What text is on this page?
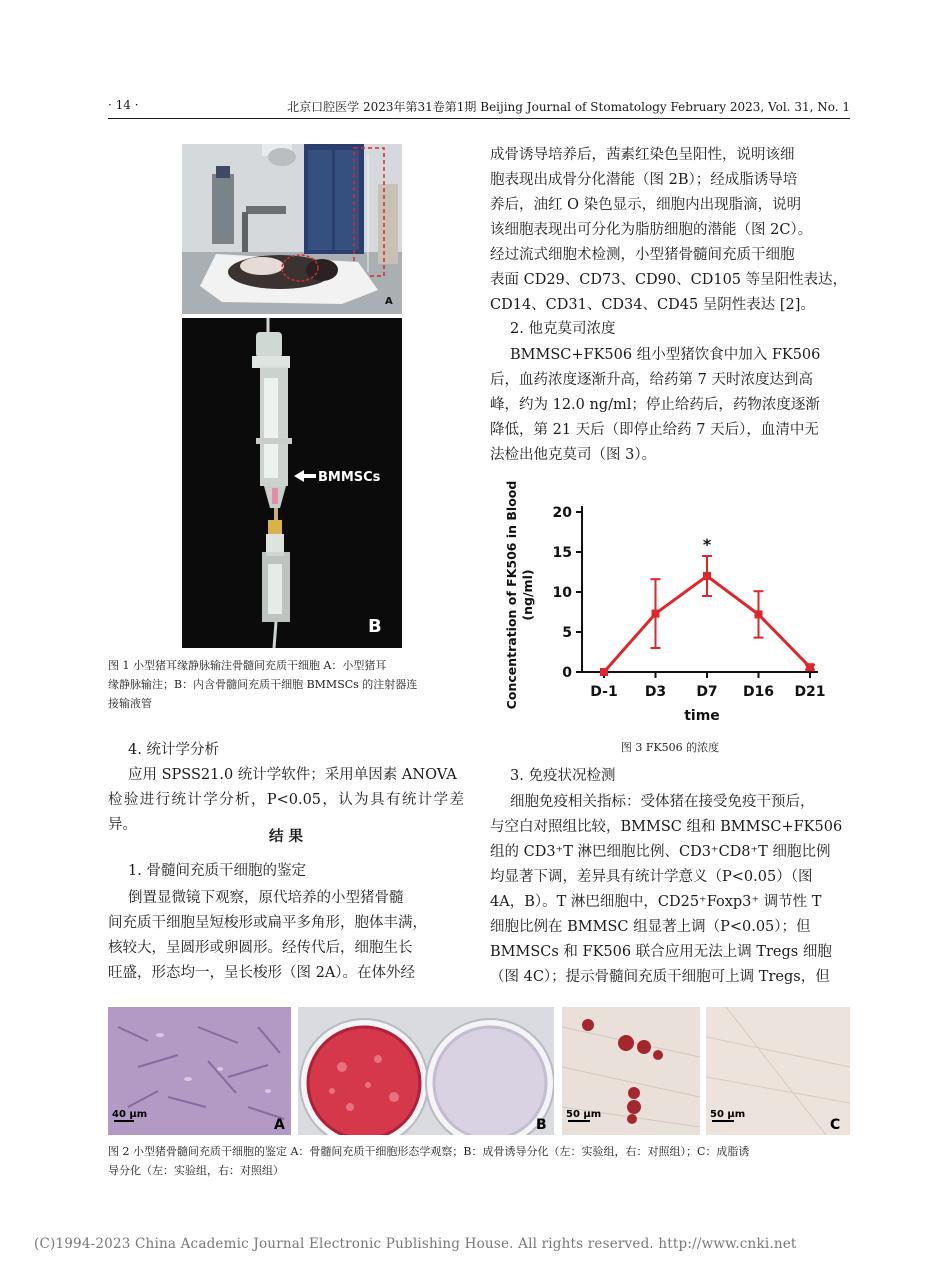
· 14 ·	北京口腔医学 2023年第31卷第1期 Beijing Journal of Stomatology February 2023, Vol. 31, No. 1
A
BMMSCs
B
图 1 小型猪耳缘静脉输注骨髓间充质干细胞 A：小型猪耳
缘静脉输注；B：内含骨髓间充质干细胞 BMMSCs 的注射器连
接输液管
4. 统计学分析
应用 SPSS21.0 统计学软件；采用单因素 ANOVA
检验进行统计学分析，P<0.05，认为具有统计学差异。
结 果
1. 骨髓间充质干细胞的鉴定
倒置显微镜下观察，原代培养的小型猪骨髓
间充质干细胞呈短梭形或扁平多角形，胞体丰满，
核较大，呈圆形或卵圆形。经传代后，细胞生长
旺盛，形态均一，呈长梭形（图 2A）。在体外经
成骨诱导培养后，茜素红染色呈阳性，说明该细
胞表现出成骨分化潜能（图 2B）；经成脂诱导培
养后，油红 O 染色显示，细胞内出现脂滴，说明
该细胞表现出可分化为脂肪细胞的潜能（图 2C）。
经过流式细胞术检测，小型猪骨髓间充质干细胞
表面 CD29、CD73、CD90、CD105 等呈阳性表达，
CD14、CD31、CD34、CD45 呈阴性表达 [2]。
2. 他克莫司浓度
BMMSC+FK506 组小型猪饮食中加入 FK506
后，血药浓度逐渐升高，给药第 7 天时浓度达到高
峰，约为 12.0 ng/ml；停止给药后，药物浓度逐渐
降低，第 21 天后（即停止给药 7 天后），血清中无
法检出他克莫司（图 3）。
0
5
10
15
20
D-1 D3 D7 D16 D21
*
Concentration of FK506 in Blood (ng/ml)
time
图 3 FK506 的浓度
3. 免疫状况检测
细胞免疫相关指标：受体猪在接受免疫干预后，
与空白对照组比较，BMMSC 组和 BMMSC+FK506
组的 CD3⁺T 淋巴细胞比例、CD3⁺CD8⁺T 细胞比例
均显著下调，差异具有统计学意义（P<0.05）（图
4A，B）。T 淋巴细胞中，CD25⁺Foxp3⁺ 调节性 T
细胞比例在 BMMSC 组显著上调（P<0.05）；但
BMMSCs 和 FK506 联合应用无法上调 Tregs 细胞
（图 4C）；提示骨髓间充质干细胞可上调 Tregs，但
40 μm
A	B
50 μm	50 μm
C
图 2 小型猪骨髓间充质干细胞的鉴定 A：骨髓间充质干细胞形态学观察；B：成骨诱导分化（左：实验组，右：对照组）；C：成脂诱
导分化（左：实验组，右：对照组）
(C)1994-2023 China Academic Journal Electronic Publishing House. All rights reserved. http://www.cnki.net
